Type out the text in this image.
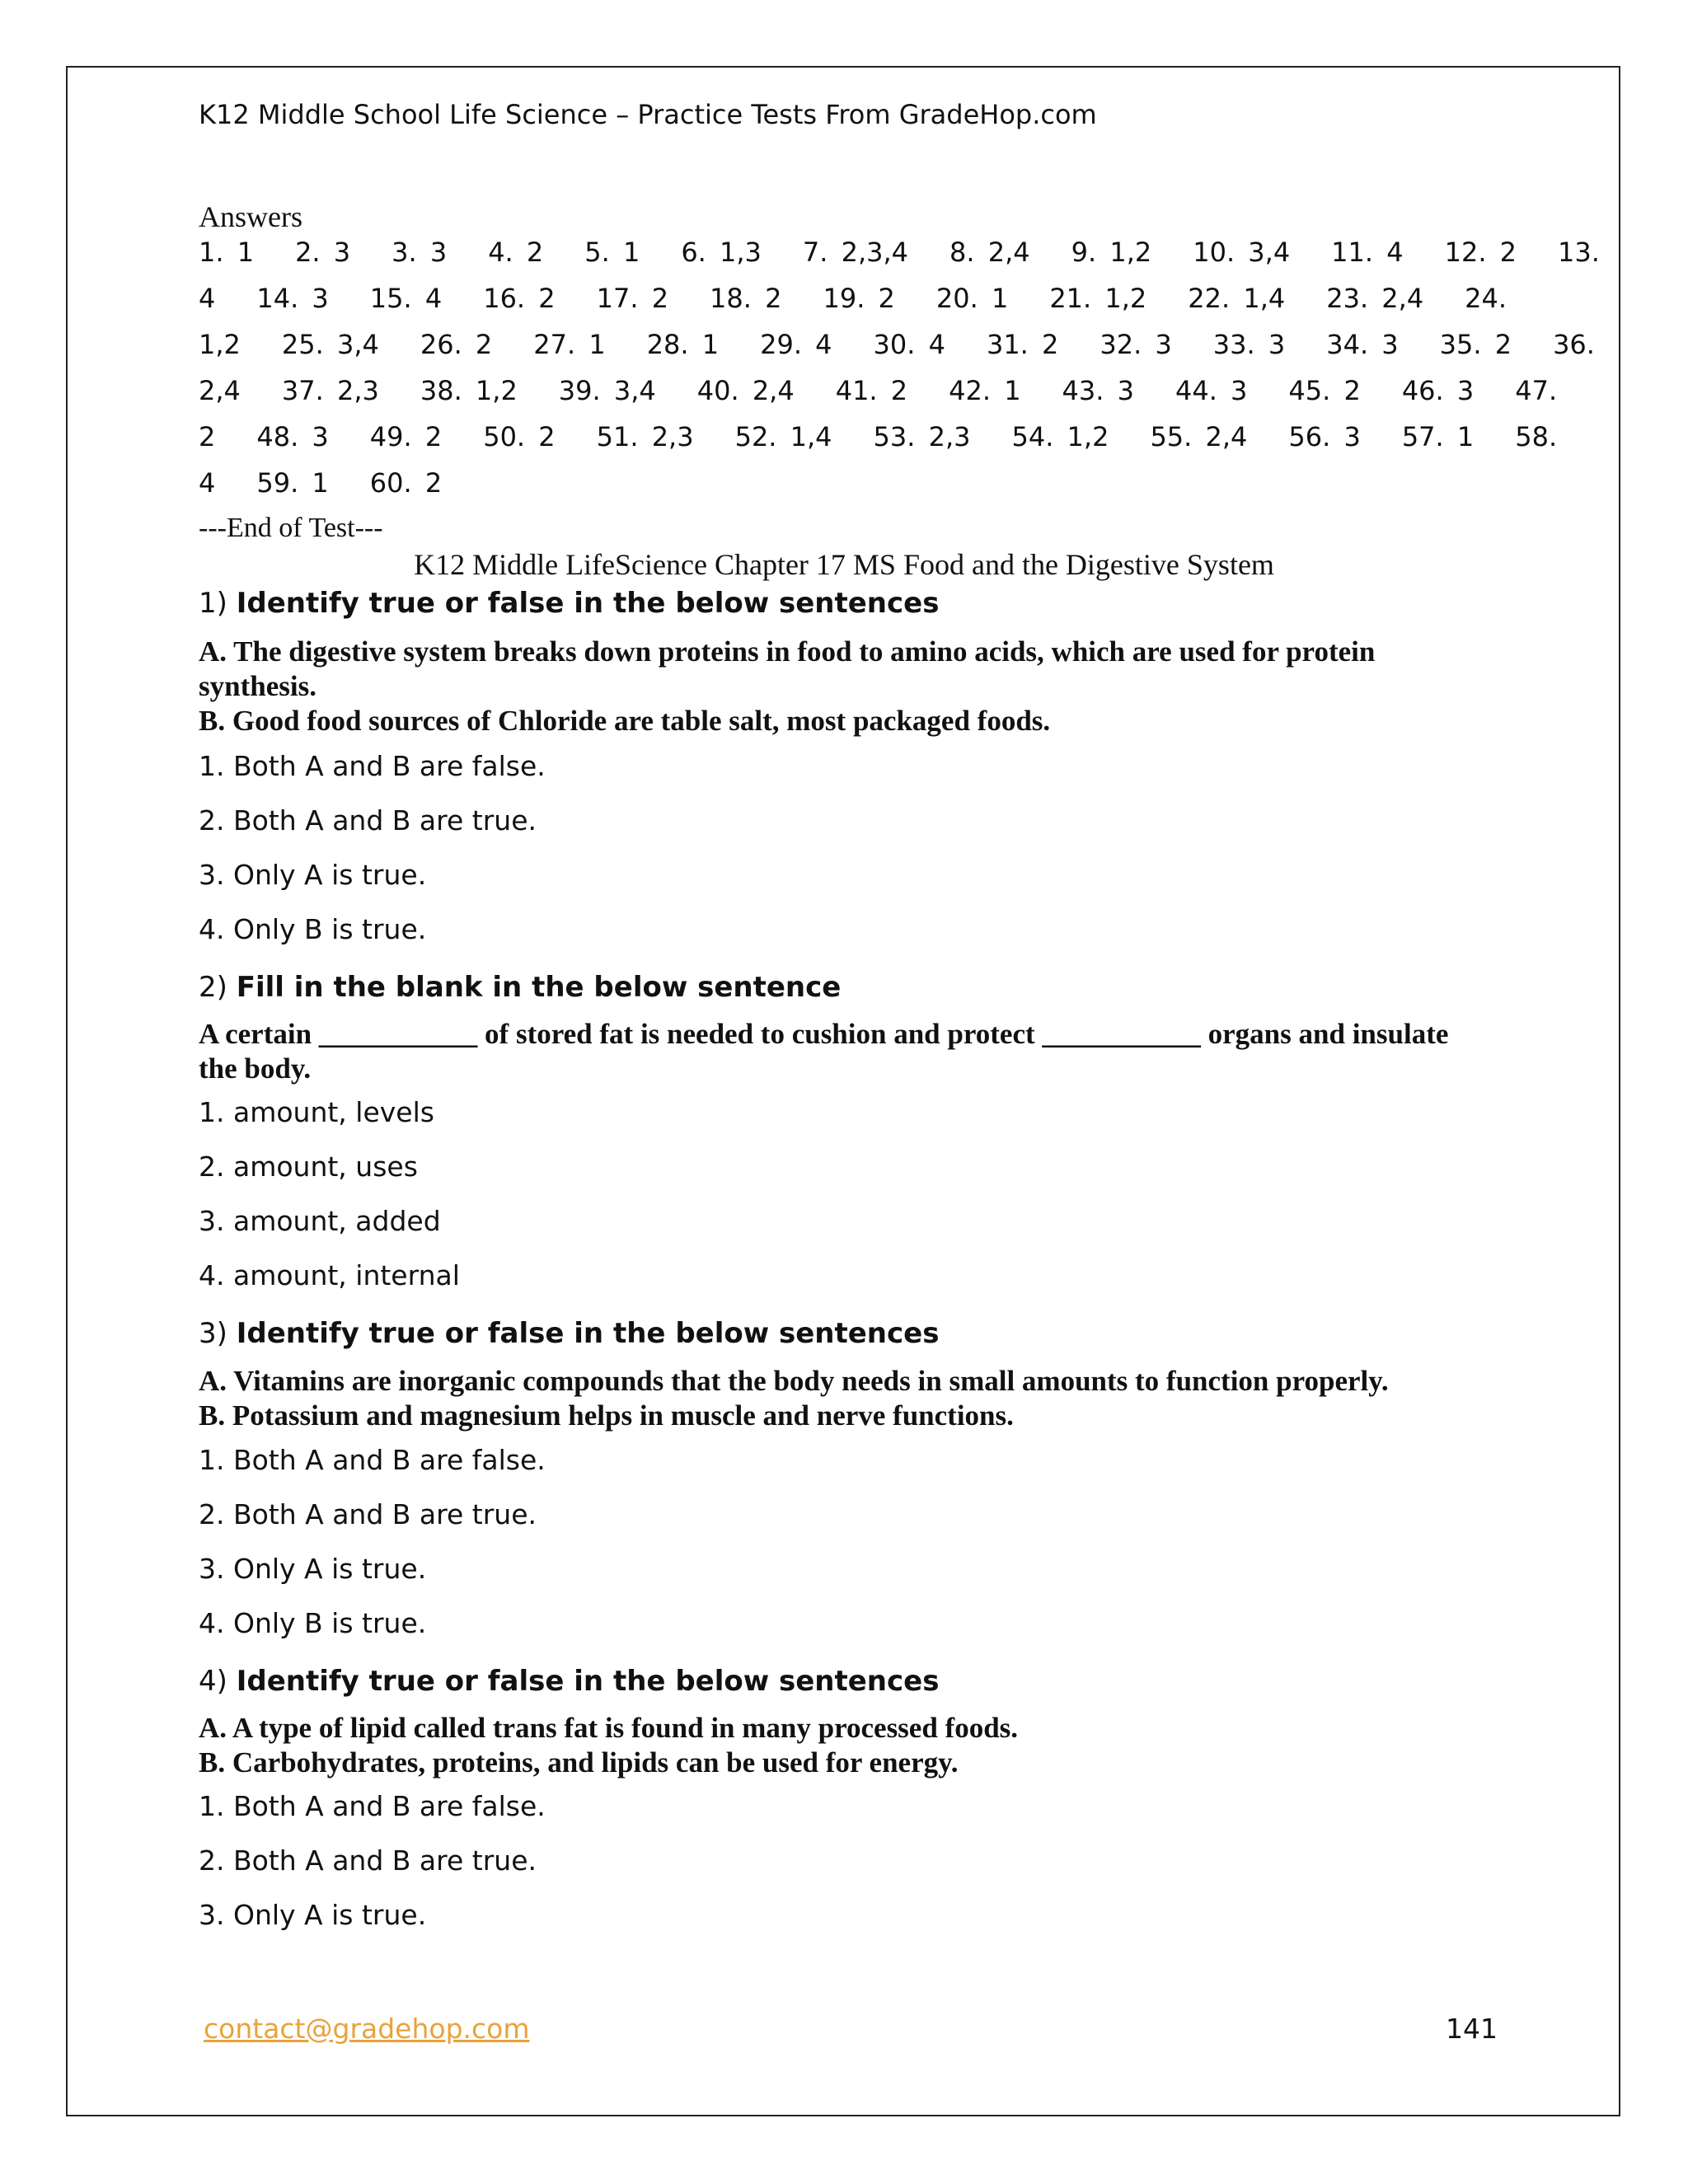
K12 Middle School Life Science – Practice Tests From GradeHop.com
Answers
1. 1 2. 3 3. 3 4. 2 5. 1 6. 1,3 7. 2,3,4 8. 2,4 9. 1,2 10. 3,4 11. 4 12. 2 13.
4 14. 3 15. 4 16. 2 17. 2 18. 2 19. 2 20. 1 21. 1,2 22. 1,4 23. 2,4 24.
1,2 25. 3,4 26. 2 27. 1 28. 1 29. 4 30. 4 31. 2 32. 3 33. 3 34. 3 35. 2 36.
2,4 37. 2,3 38. 1,2 39. 3,4 40. 2,4 41. 2 42. 1 43. 3 44. 3 45. 2 46. 3 47.
2 48. 3 49. 2 50. 2 51. 2,3 52. 1,4 53. 2,3 54. 1,2 55. 2,4 56. 3 57. 1 58.
4 59. 1 60. 2
---End of Test---
K12 Middle LifeScience Chapter 17 MS Food and the Digestive System
1) Identify true or false in the below sentences
A. The digestive system breaks down proteins in food to amino acids, which are used for protein synthesis.
B. Good food sources of Chloride are table salt, most packaged foods.
1. Both A and B are false.
2. Both A and B are true.
3. Only A is true.
4. Only B is true.
2) Fill in the blank in the below sentence
A certain ___________ of stored fat is needed to cushion and protect ___________ organs and insulate the body.
1. amount, levels
2. amount, uses
3. amount, added
4. amount, internal
3) Identify true or false in the below sentences
A. Vitamins are inorganic compounds that the body needs in small amounts to function properly.
B. Potassium and magnesium helps in muscle and nerve functions.
1. Both A and B are false.
2. Both A and B are true.
3. Only A is true.
4. Only B is true.
4) Identify true or false in the below sentences
A. A type of lipid called trans fat is found in many processed foods.
B. Carbohydrates, proteins, and lipids can be used for energy.
1. Both A and B are false.
2. Both A and B are true.
3. Only A is true.
contact@gradehop.com	141
